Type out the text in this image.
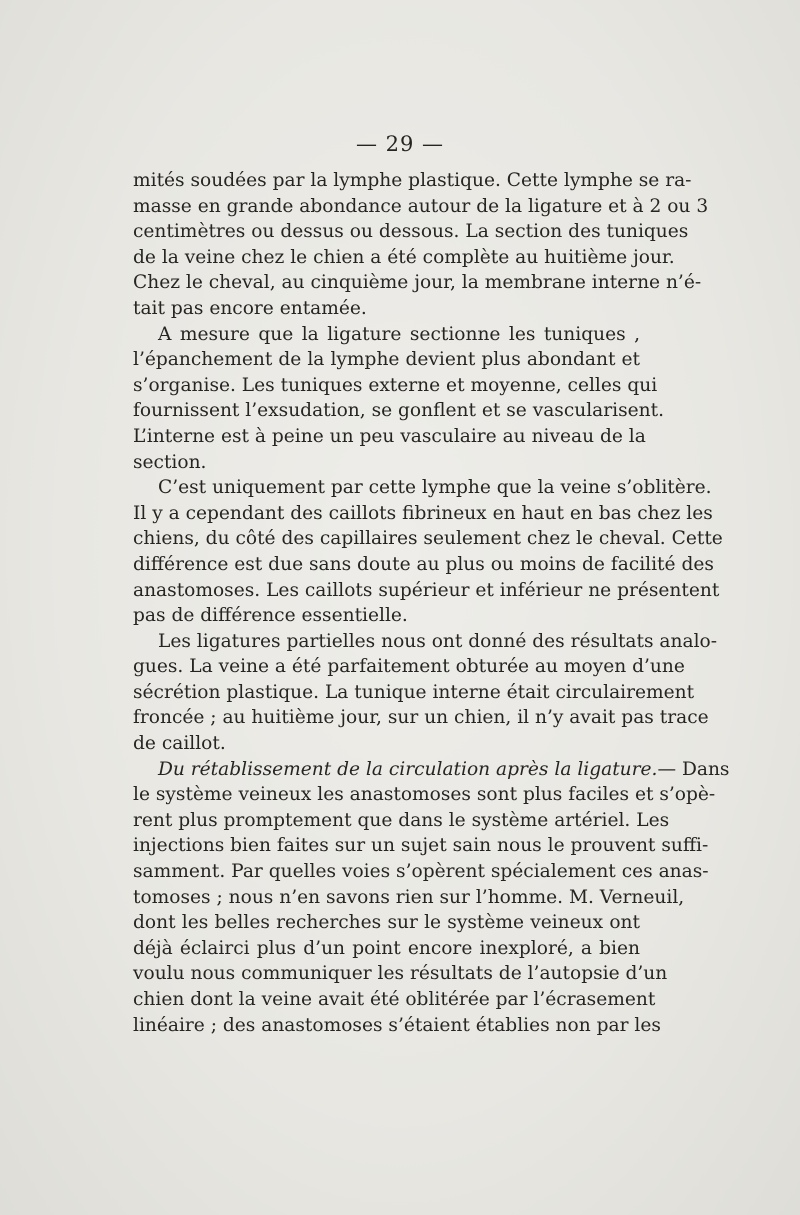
— 29 —
mités soudées par la lymphe plastique. Cette lymphe se ra-
masse en grande abondance autour de la ligature et à 2 ou 3
centimètres ou dessus ou dessous. La section des tuniques
de la veine chez le chien a été complète au huitième jour.
Chez le cheval, au cinquième jour, la membrane interne n’é-
tait pas encore entamée.
A mesure que la ligature sectionne les tuniques ,
l’épanchement de la lymphe devient plus abondant et
s’organise. Les tuniques externe et moyenne, celles qui
fournissent l’exsudation, se gonflent et se vascularisent.
L’interne est à peine un peu vasculaire au niveau de la
section.
C’est uniquement par cette lymphe que la veine s’oblitère.
Il y a cependant des caillots fibrineux en haut en bas chez les
chiens, du côté des capillaires seulement chez le cheval. Cette
différence est due sans doute au plus ou moins de facilité des
anastomoses. Les caillots supérieur et inférieur ne présentent
pas de différence essentielle.
Les ligatures partielles nous ont donné des résultats analo-
gues. La veine a été parfaitement obturée au moyen d’une
sécrétion plastique. La tunique interne était circulairement
froncée ; au huitième jour, sur un chien, il n’y avait pas trace
de caillot.
Du rétablissement de la circulation après la ligature.— Dans
le système veineux les anastomoses sont plus faciles et s’opè-
rent plus promptement que dans le système artériel. Les
injections bien faites sur un sujet sain nous le prouvent suffi-
samment. Par quelles voies s’opèrent spécialement ces anas-
tomoses ; nous n’en savons rien sur l’homme. M. Verneuil,
dont les belles recherches sur le système veineux ont
déjà éclairci plus d’un point encore inexploré, a bien
voulu nous communiquer les résultats de l’autopsie d’un
chien dont la veine avait été oblitérée par l’écrasement
linéaire ; des anastomoses s’étaient établies non par les
